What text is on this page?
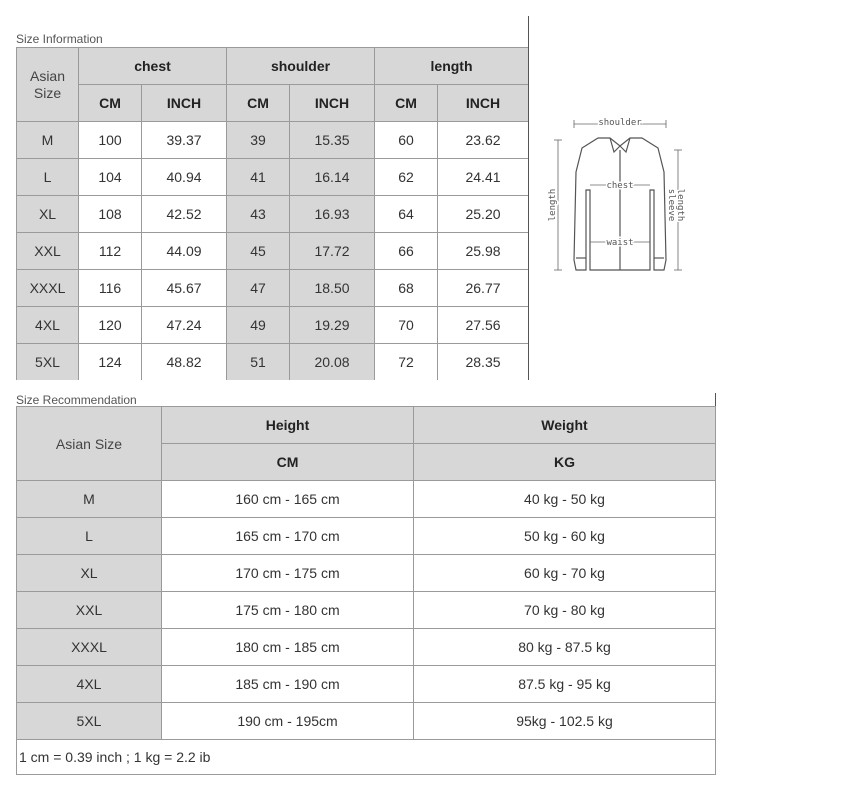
Size Information
Asian Size	chest		shoulder		length	
	CM	INCH	CM	INCH	CM	INCH
M	100	39.37	39	15.35	60	23.62
L	104	40.94	41	16.14	62	24.41
XL	108	42.52	43	16.93	64	25.20
XXL	112	44.09	45	17.72	66	25.98
XXXL	116	45.67	47	18.50	68	26.77
4XL	120	47.24	49	19.29	70	27.56
5XL	124	48.82	51	20.08	72	28.35
shoulder
chest
waist
length	sleeve length
Size Recommendation
Asian Size	Height	Weight
	CM	KG
M	160 cm - 165 cm	40 kg - 50 kg
L	165 cm - 170 cm	50 kg - 60 kg
XL	170 cm - 175 cm	60 kg - 70 kg
XXL	175 cm - 180 cm	70 kg - 80 kg
XXXL	180 cm - 185 cm	80 kg - 87.5 kg
4XL	185 cm - 190 cm	87.5 kg - 95 kg
5XL	190 cm - 195cm	95kg - 102.5 kg
1 cm = 0.39 inch ; 1 kg = 2.2 ib		
